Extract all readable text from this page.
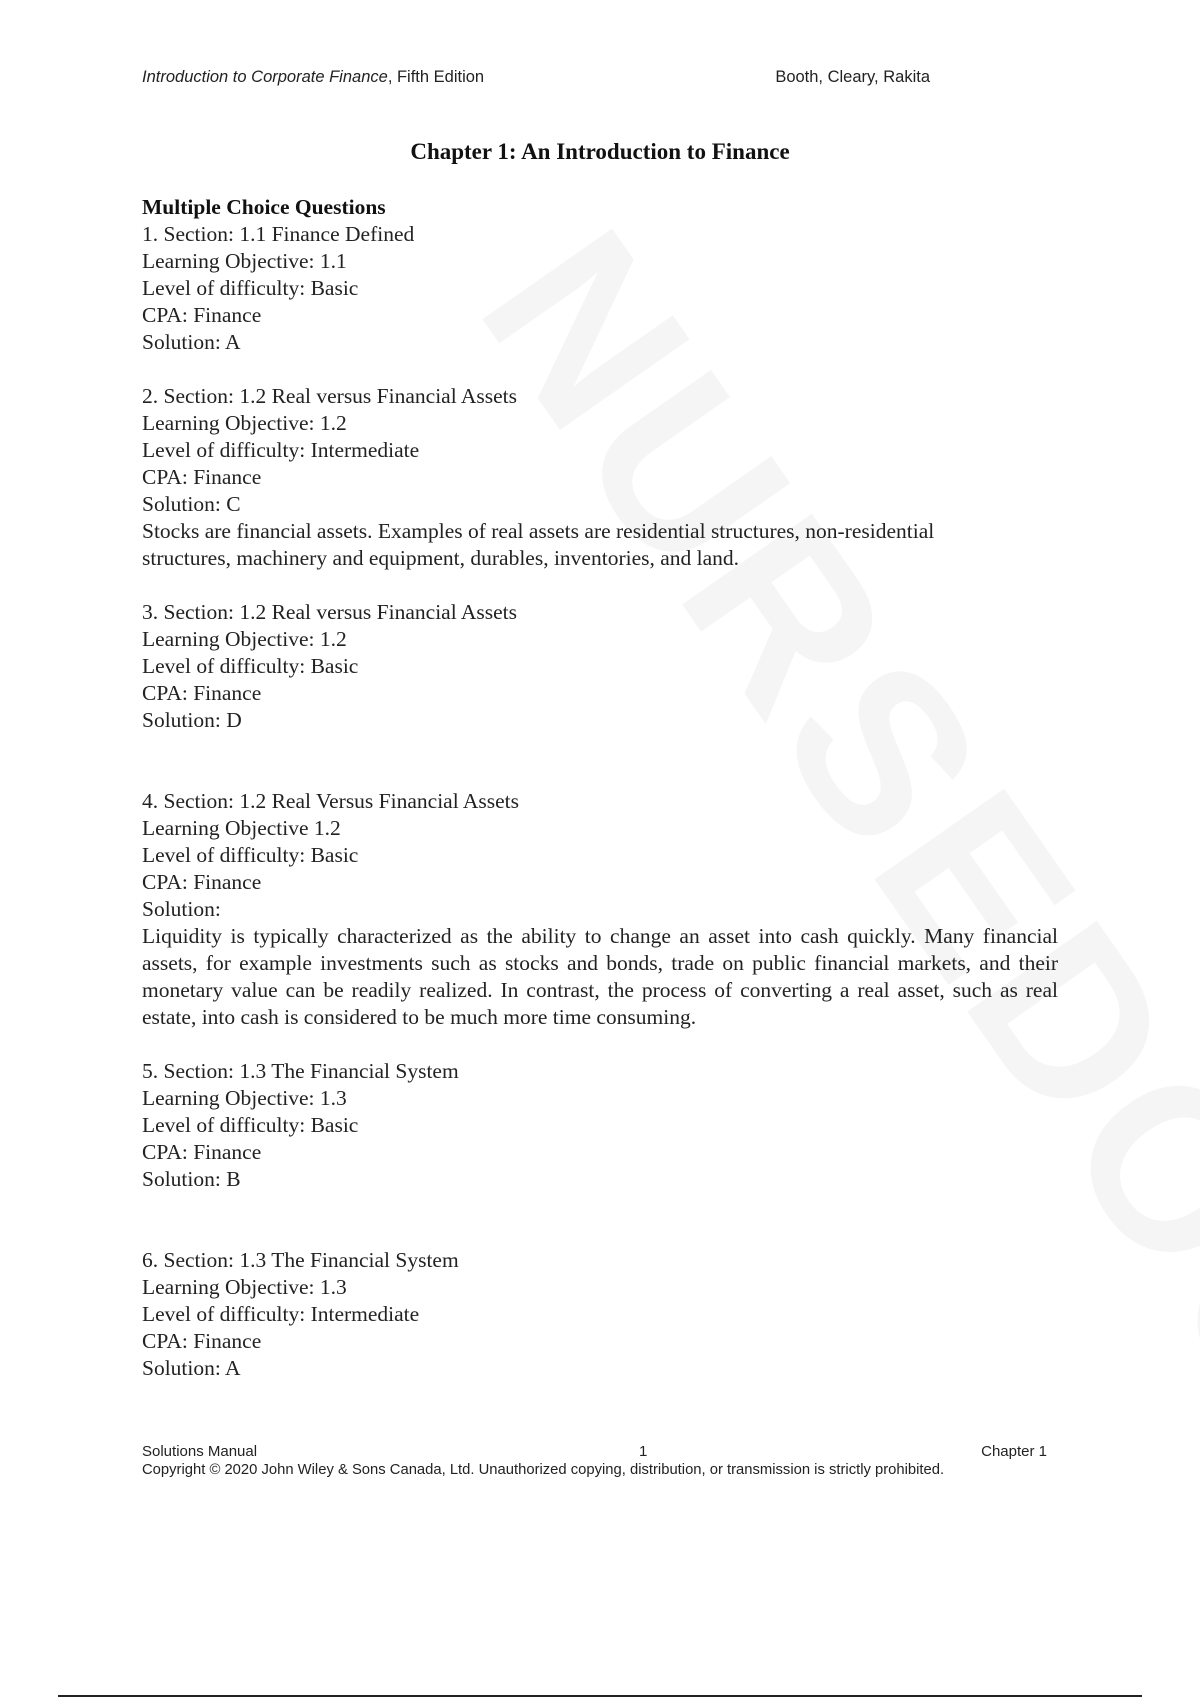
Introduction to Corporate Finance, Fifth Edition	Booth, Cleary, Rakita
Chapter 1: An Introduction to Finance
Multiple Choice Questions
1. Section: 1.1 Finance Defined
Learning Objective: 1.1
Level of difficulty: Basic
CPA: Finance
Solution: A
2. Section: 1.2 Real versus Financial Assets
Learning Objective: 1.2
Level of difficulty: Intermediate
CPA: Finance
Solution: C
Stocks are financial assets. Examples of real assets are residential structures, non-residential structures, machinery and equipment, durables, inventories, and land.
3. Section: 1.2 Real versus Financial Assets
Learning Objective: 1.2
Level of difficulty: Basic
CPA: Finance
Solution: D
4. Section: 1.2 Real Versus Financial Assets
Learning Objective 1.2
Level of difficulty: Basic
CPA: Finance
Solution:
Liquidity is typically characterized as the ability to change an asset into cash quickly. Many financial assets, for example investments such as stocks and bonds, trade on public financial markets, and their monetary value can be readily realized. In contrast, the process of converting a real asset, such as real estate, into cash is considered to be much more time consuming.
5. Section: 1.3 The Financial System
Learning Objective: 1.3
Level of difficulty: Basic
CPA: Finance
Solution: B
6. Section: 1.3 The Financial System
Learning Objective: 1.3
Level of difficulty: Intermediate
CPA: Finance
Solution: A
Solutions Manual	1	Chapter 1
Copyright © 2020 John Wiley & Sons Canada, Ltd. Unauthorized copying, distribution, or transmission is strictly prohibited.
